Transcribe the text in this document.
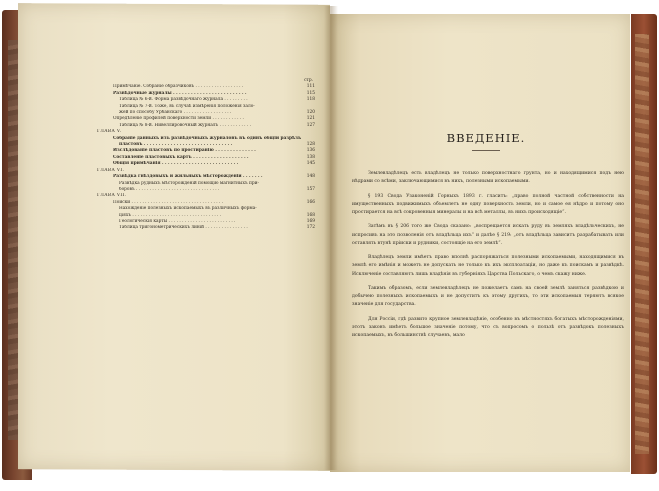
стр.
Примѣчаніе. Собраніе образчиковъ . . . . . . . . . . . . . . . . . .	111
Развѣдочные журналы . . . . . . . . . . . . . . . . . . . . . . . . .	115
Таблица № 6-й. Форма развѣдочнаго журнала . . . . . . . . .	118
Таблица № 7-й. Тоже, въ случаѣ измѣренія положенія зало-
жей по способу Урбанскаго . . . . . . . . . . . . . . . . . .	120
Опредѣленіе профилей поверхности земли . . . . . . . . . . . .	121
Таблица № 8-й. Нивеллировочный журналъ . . . . . . . . . . . .	127
ГЛАВА V.
Собраніе данныхъ изъ развѣдочныхъ журналовъ въ одинъ общій разрѣзъ
пластовъ . . . . . . . . . . . . . . . . . . . . . . . . . . . . . .	128
Изслѣдованіе пластовъ по простиранію . . . . . . . . . . . . . .	136
Составленіе пластовыхъ картъ . . . . . . . . . . . . . . . . . . .	138
Общія примѣчанія . . . . . . . . . . . . . . . . . . . . . . . . . .	145
ГЛАВА VI.
Развѣдка гнѣздовыхъ и жильныхъ мѣсторожденій . . . . . . .	148
Развѣдка рудныхъ мѣсторожденій помощію магнитныхъ при-
боровъ . . . . . . . . . . . . . . . . . . . . . . . . . . . . . . .	157
ГЛАВА VII.
Поиски . . . . . . . . . . . . . . . . . . . . . . . . . . . . . . . . . .	166
Нахожденіе полезныхъ ископаемыхъ въ различныхъ форма-
ціяхъ . . . . . . . . . . . . . . . . . . . . . . . . . . . . . . . . .	168
Геологическія карты . . . . . . . . . . . . . . . . . . . . . . . . .	169
Таблица тригонометрическихъ линій . . . . . . . . . . . . . . . .	172
ВВЕДЕНІЕ.

Землевладѣлецъ есть владѣлецъ не только поверхностнаго грунта, но и находящимися подъ нею нѣдрами со всѣми, заключающимися въ нихъ, полезными ископаемыми.

§ 193 Свода Узаконеній Горныхъ 1893 г. гласитъ: „право полной частной собственности на имущественныхъ подвижимыхъ объемлетъ не одну поверхность земли, но и самое ея нѣдро и потому оно простирается на всѣ сокровенныя минералы и на всѣ металлы, въ нихъ происходящіе“.

Затѣмъ въ § 206 того же Свода сказано: „воспрещается искать руду въ земляхъ владѣльческихъ, не испросивъ на это позволенія отъ владѣльца ихъ“ и далѣе § 219: „отъ владѣльца зависитъ разрабатывать или оставлять втунѣ пріиски и рудники, состоящіе на его землѣ“.

Владѣлецъ земли имѣетъ право вполнѣ распоряжаться полезными ископаемыми, находящимися въ землѣ его имѣнія и можетъ не допускать не только къ ихъ эксплоатаціи, но даже къ поискамъ и развѣдкѣ. Исключеніе составляютъ лишь владѣнія въ губерніяхъ Царства Польскаго, о чемъ скажу ниже.

Такимъ образомъ, если землевладѣлецъ не пожелаетъ самъ на своей землѣ заняться развѣдкою и добычею полезныхъ ископаемыхъ и не допуститъ къ этому другихъ, то эти ископаемыя теряютъ всякое значеніе для государства.

Для Россіи, гдѣ развито крупное землевладѣніе, особенно въ мѣстностяхъ богатыхъ мѣсторожденіями, этотъ законъ имѣетъ большое значеніе потому, что съ вопросомъ о пользѣ отъ развѣдокъ полезныхъ ископаемыхъ, въ большинствѣ случаевъ, мало
